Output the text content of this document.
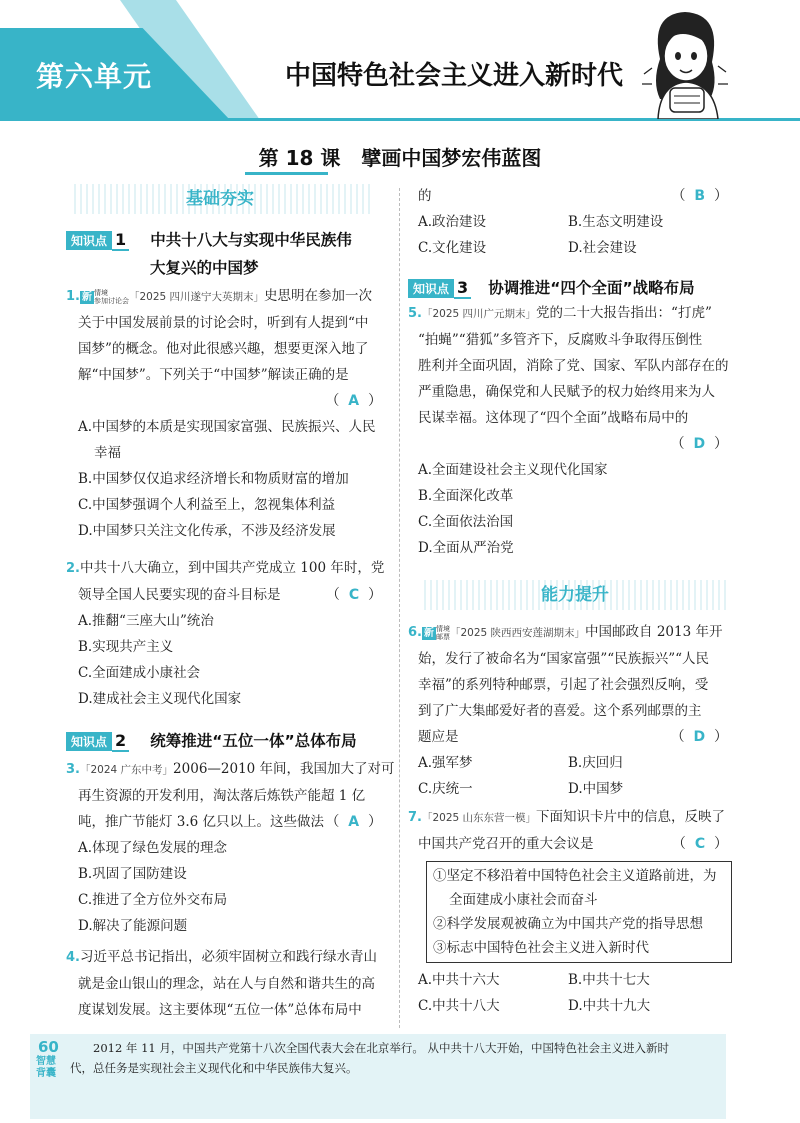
第六单元	中国特色社会主义进入新时代
第 18 课 擘画中国梦宏伟蓝图
基础夯实
知识点 1 中共十八大与实现中华民族伟
大复兴的中国梦
1. 新 情境
参加讨论会「2025 四川遂宁大英期末」史思明在参加一次
关于中国发展前景的讨论会时，听到有人提到“中
国梦”的概念。他对此很感兴趣，想要更深入地了
解“中国梦”。下列关于“中国梦”解读正确的是
（  A  ）
A.中国梦的本质是实现国家富强、民族振兴、人民
幸福
B.中国梦仅仅追求经济增长和物质财富的增加
C.中国梦强调个人利益至上，忽视集体利益
D.中国梦只关注文化传承，不涉及经济发展
2.中共十八大确立，到中国共产党成立 100 年时，党
领导全国人民要实现的奋斗目标是	（  C  ）
A.推翻“三座大山”统治
B.实现共产主义
C.全面建成小康社会
D.建成社会主义现代化国家
知识点 2 统筹推进“五位一体”总体布局
3.「2024 广东中考」2006—2010 年间，我国加大了对可
再生资源的开发利用，淘汰落后炼铁产能超 1 亿
吨，推广节能灯 3.6 亿只以上。这些做法 （  A  ）
A.体现了绿色发展的理念
B.巩固了国防建设
C.推进了全方位外交布局
D.解决了能源问题
4.习近平总书记指出，必须牢固树立和践行绿水青山
就是金山银山的理念，站在人与自然和谐共生的高
度谋划发展。这主要体现“五位一体”总体布局中
的	（  B  ）
A.政治建设	B.生态文明建设
C.文化建设	D.社会建设
知识点 3 协调推进“四个全面”战略布局
5.「2025 四川广元期末」党的二十大报告指出：“打虎”
“拍蝇”“猎狐”多管齐下，反腐败斗争取得压倒性
胜利并全面巩固，消除了党、国家、军队内部存在的
严重隐患，确保党和人民赋予的权力始终用来为人
民谋幸福。这体现了“四个全面”战略布局中的
（  D  ）
A.全面建设社会主义现代化国家
B.全面深化改革
C.全面依法治国
D.全面从严治党
能力提升
6. 新 情境
邮票「2025 陕西西安莲湖期末」中国邮政自 2013 年开
始，发行了被命名为“国家富强”“民族振兴”“人民
幸福”的系列特种邮票，引起了社会强烈反响，受
到了广大集邮爱好者的喜爱。这个系列邮票的主
题应是	（  D  ）
A.强军梦	B.庆回归
C.庆统一	D.中国梦
7.「2025 山东东营一模」下面知识卡片中的信息，反映了
中国共产党召开的重大会议是	（  C  ）
①坚定不移沿着中国特色社会主义道路前进，为
全面建成小康社会而奋斗
②科学发展观被确立为中国共产党的指导思想
③标志中国特色社会主义进入新时代
A.中共十六大	B.中共十七大
C.中共十八大	D.中共十九大
60
智慧背囊
2012 年 11 月，中国共产党第十八次全国代表大会在北京举行。 从中共十八大开始，中国特色社会主义进入新时
代，总任务是实现社会主义现代化和中华民族伟大复兴。
